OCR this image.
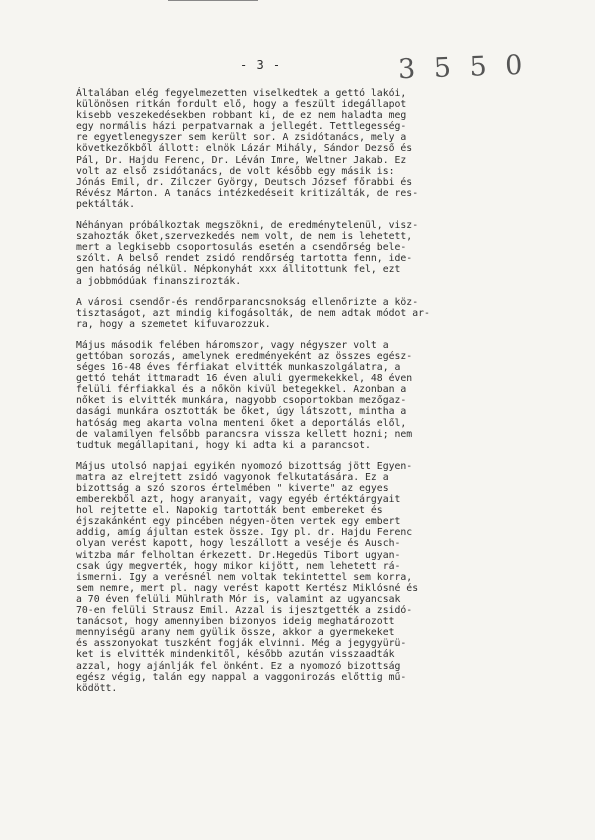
- 3 -	3 5 5 0
Általában elég fegyelmezetten viselkedtek a gettó lakói,
különösen ritkán fordult elő, hogy a feszült idegállapot
kisebb veszekedésekben robbant ki, de ez nem haladta meg
egy normális házi perpatvarnak a jellegét. Tettlegesség-
re egyetlenegyszer sem került sor. A zsidótanács, mely a
következőkből állott: elnök Lázár Mihály, Sándor Dezső és
Pál, Dr. Hajdu Ferenc, Dr. Léván Imre, Weltner Jakab. Ez
volt az első zsidótanács, de volt később egy másik is:
Jónás Emil, dr. Zilczer György, Deutsch József főrabbi és
Révész Márton. A tanács intézkedéseit kritizálták, de res-
pektálták.
Néhányan próbálkoztak megszökni, de eredménytelenül, visz-
szahozták őket,szervezkedés nem volt, de nem is lehetett,
mert a legkisebb csoportosulás esetén a csendőrség bele-
szólt. A belső rendet zsidó rendőrség tartotta fenn, ide-
gen hatóság nélkül. Népkonyhát xxx állitottunk fel, ezt
a jobbmódúak finanszirozták.
A városi csendőr-és rendőrparancsnokság ellenőrizte a köz-
tisztaságot, azt mindig kifogásolták, de nem adtak módot ar-
ra, hogy a szemetet kifuvarozzuk.
Május második felében háromszor, vagy négyszer volt a
gettóban sorozás, amelynek eredményeként az összes egész-
séges 16-48 éves férfiakat elvitték munkaszolgálatra, a
gettó tehát ittmaradt 16 éven aluli gyermekekkel, 48 éven
felüli férfiakkal és a nőkön kivül betegekkel. Azonban a
nőket is elvitték munkára, nagyobb csoportokban mezőgaz-
dasági munkára osztották be őket, úgy látszott, mintha a
hatóság meg akarta volna menteni őket a deportálás elől,
de valamilyen felsőbb parancsra vissza kellett hozni; nem
tudtuk megállapitani, hogy ki adta ki a parancsot.
Május utolsó napjai egyikén nyomozó bizottság jött Egyen-
matra az elrejtett zsidó vagyonok felkutatására. Ez a
bizottság a szó szoros értelmében " kiverte" az egyes
emberekből azt, hogy aranyait, vagy egyéb értéktárgyait
hol rejtette el. Napokig tartották bent embereket és
éjszakánként egy pincében négyen-öten vertek egy embert
addig, amíg ájultan estek össze. Igy pl. dr. Hajdu Ferenc
olyan verést kapott, hogy leszállott a veséje és Ausch-
witzba már felholtan érkezett. Dr.Hegedüs Tibort ugyan-
csak úgy megverték, hogy mikor kijött, nem lehetett rá-
ismerni. Igy a verésnél nem voltak tekintettel sem korra,
sem nemre, mert pl. nagy verést kapott Kertész Miklósné és
a 70 éven felüli Mühlrath Mór is, valamint az ugyancsak
70-en felüli Strausz Emil. Azzal is ijesztgették a zsidó-
tanácsot, hogy amennyiben bizonyos ideig meghatározott
mennyiségü arany nem gyülik össze, akkor a gyermekeket
és asszonyokat tuszként fogják elvinni. Még a jegygyürü-
ket is elvitték mindenkitől, később azután visszaadták
azzal, hogy ajánlják fel önként. Ez a nyomozó bizottság
egész végig, talán egy nappal a vaggonirozás előttig mű-
ködött.
